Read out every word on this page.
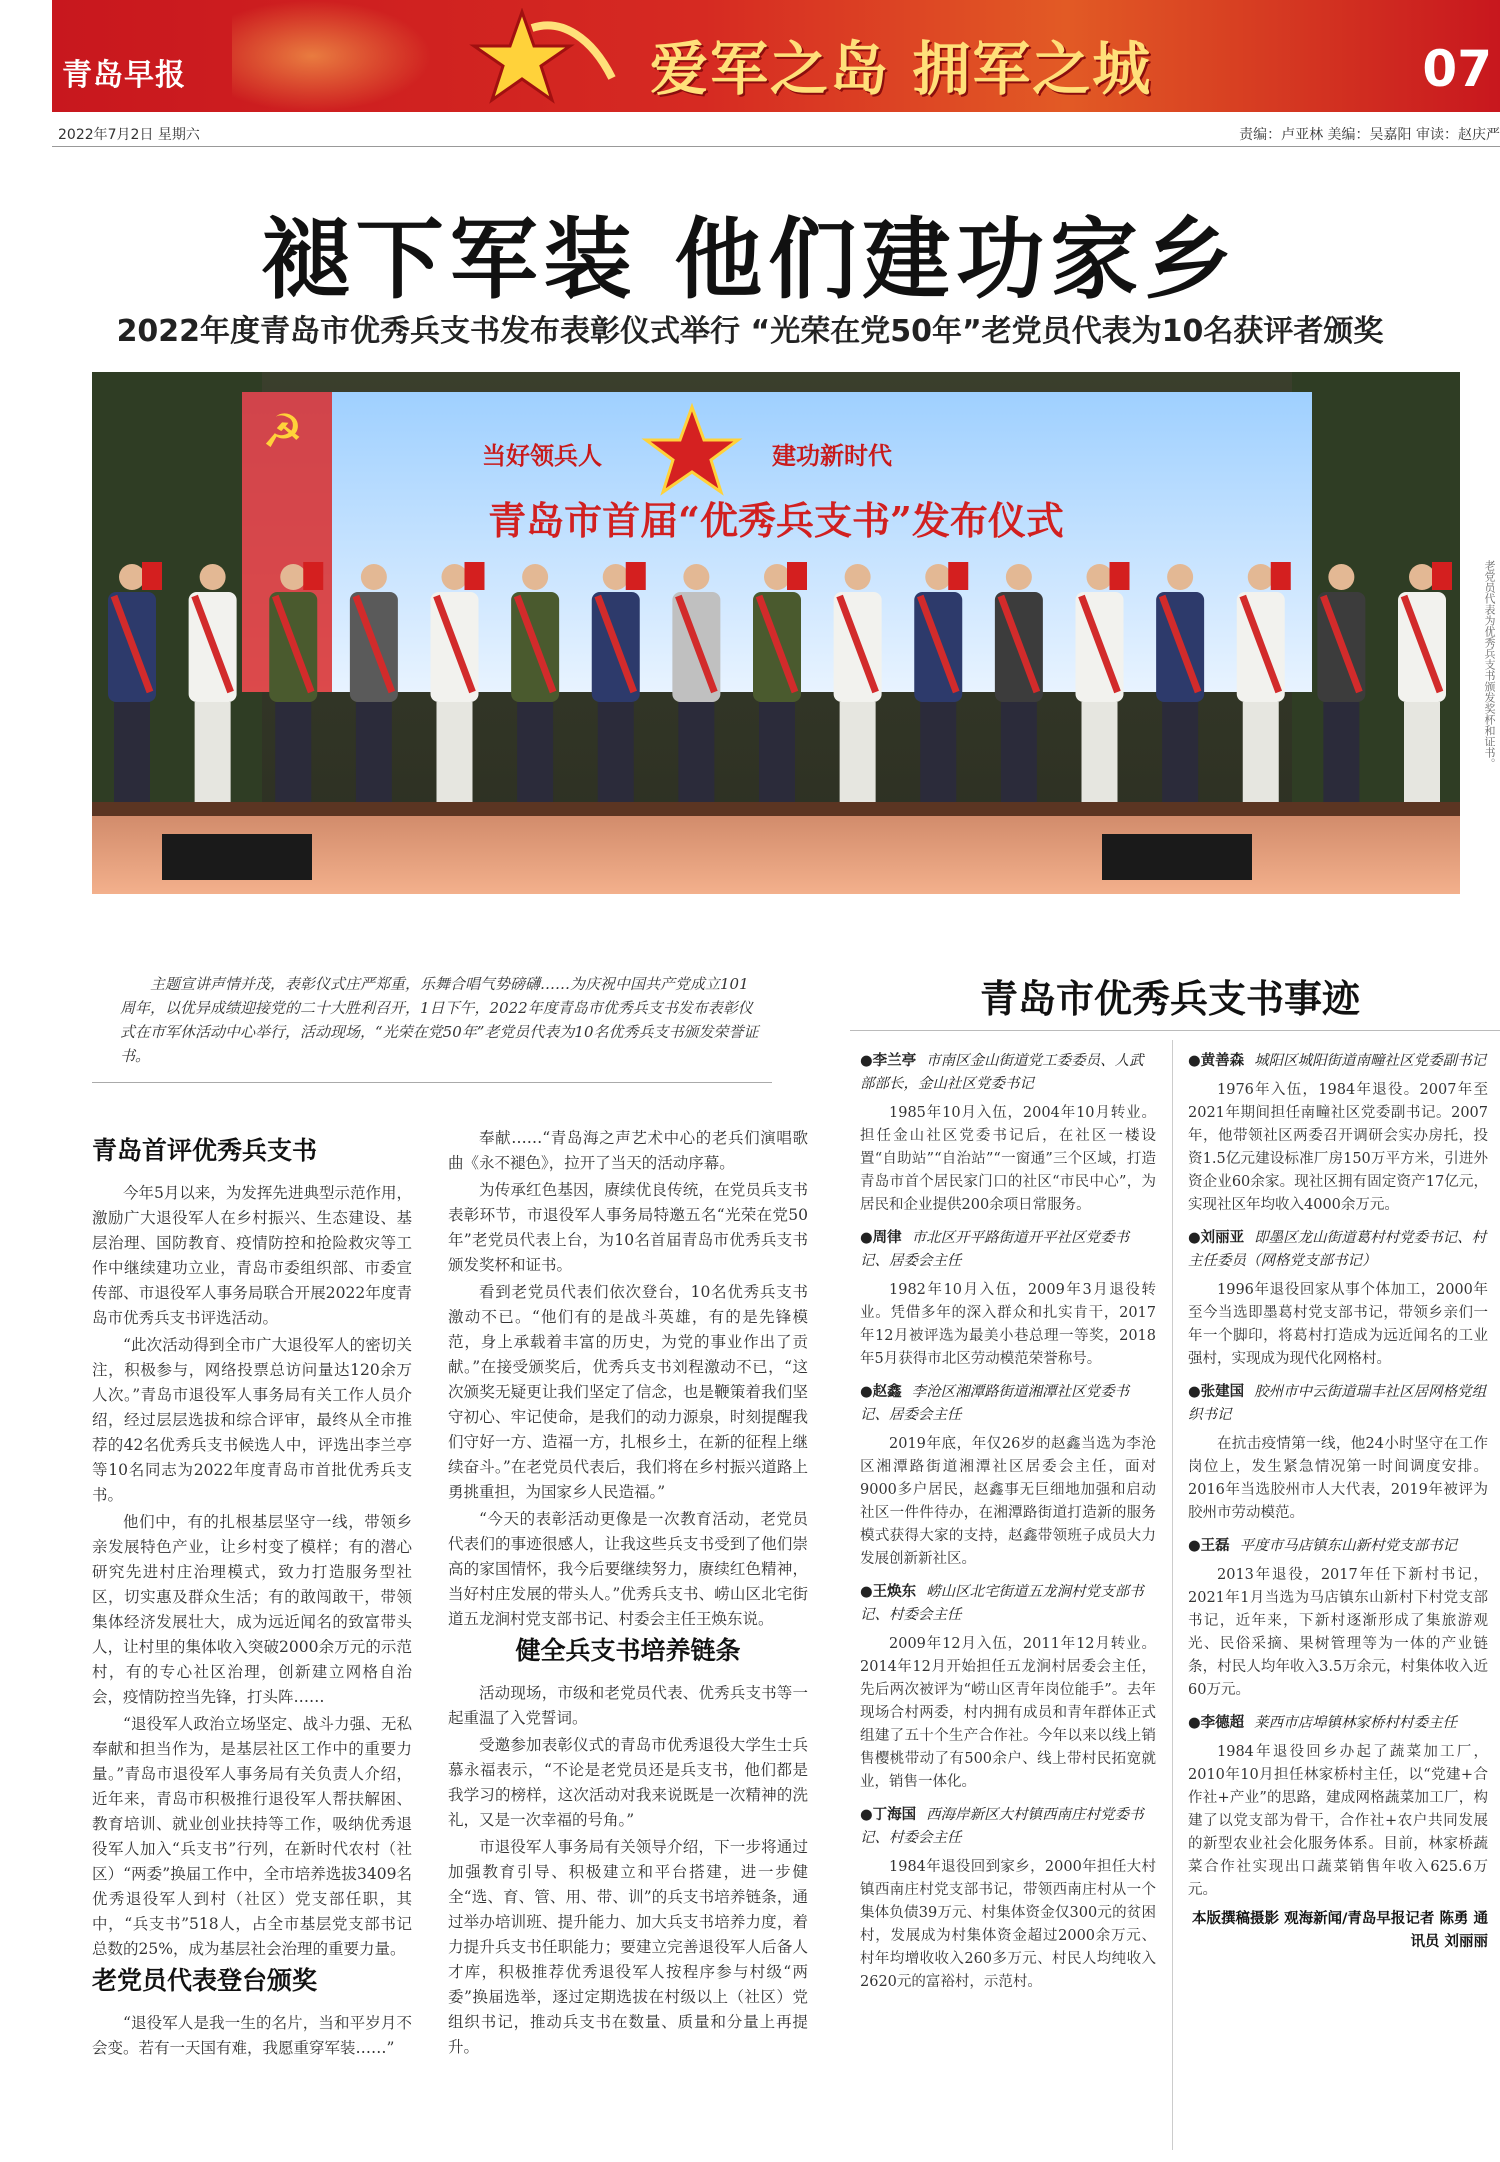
青岛早报	爱军之岛 拥军之城	07
2022年7月2日 星期六	责编：卢亚林 美编：吴嘉阳 审读：赵庆严
褪下军装 他们建功家乡
2022年度青岛市优秀兵支书发布表彰仪式举行 “光荣在党50年”老党员代表为10名获评者颁奖
☭	当好领兵人	建功新时代
青岛市首届“优秀兵支书”发布仪式
老党员代表为优秀兵支书颁发奖杯和证书。

主题宣讲声情并茂，表彰仪式庄严郑重，乐舞合唱气势磅礴……为庆祝中国共产党成立101周年，以优异成绩迎接党的二十大胜利召开，1日下午，2022年度青岛市优秀兵支书发布表彰仪式在市军休活动中心举行，活动现场，“光荣在党50年”老党员代表为10名优秀兵支书颁发荣誉证书。

青岛首评优秀兵支书

今年5月以来，为发挥先进典型示范作用，激励广大退役军人在乡村振兴、生态建设、基层治理、国防教育、疫情防控和抢险救灾等工作中继续建功立业，青岛市委组织部、市委宣传部、市退役军人事务局联合开展2022年度青岛市优秀兵支书评选活动。

“此次活动得到全市广大退役军人的密切关注，积极参与，网络投票总访问量达120余万人次。”青岛市退役军人事务局有关工作人员介绍，经过层层选拔和综合评审，最终从全市推荐的42名优秀兵支书候选人中，评选出李兰亭等10名同志为2022年度青岛市首批优秀兵支书。

他们中，有的扎根基层坚守一线，带领乡亲发展特色产业，让乡村变了模样；有的潜心研究先进村庄治理模式，致力打造服务型社区，切实惠及群众生活；有的敢闯敢干，带领集体经济发展壮大，成为远近闻名的致富带头人，让村里的集体收入突破2000余万元的示范村，有的专心社区治理，创新建立网格自治会，疫情防控当先锋，打头阵……

“退役军人政治立场坚定、战斗力强、无私奉献和担当作为，是基层社区工作中的重要力量。”青岛市退役军人事务局有关负责人介绍，近年来，青岛市积极推行退役军人帮扶解困、教育培训、就业创业扶持等工作，吸纳优秀退役军人加入“兵支书”行列，在新时代农村（社区）“两委”换届工作中，全市培养选拔3409名优秀退役军人到村（社区）党支部任职，其中，“兵支书”518人，占全市基层党支部书记总数的25%，成为基层社会治理的重要力量。

老党员代表登台颁奖

“退役军人是我一生的名片，当和平岁月不会变。若有一天国有难，我愿重穿军装……”

奉献……“青岛海之声艺术中心的老兵们演唱歌曲《永不褪色》，拉开了当天的活动序幕。

为传承红色基因，赓续优良传统，在党员兵支书表彰环节，市退役军人事务局特邀五名“光荣在党50年”老党员代表上台，为10名首届青岛市优秀兵支书颁发奖杯和证书。

看到老党员代表们依次登台，10名优秀兵支书激动不已。“他们有的是战斗英雄，有的是先锋模范，身上承载着丰富的历史，为党的事业作出了贡献。”在接受颁奖后，优秀兵支书刘程激动不已，“这次颁奖无疑更让我们坚定了信念，也是鞭策着我们坚守初心、牢记使命，是我们的动力源泉，时刻提醒我们守好一方、造福一方，扎根乡土，在新的征程上继续奋斗。”在老党员代表后，我们将在乡村振兴道路上勇挑重担，为国家乡人民造福。”

“今天的表彰活动更像是一次教育活动，老党员代表们的事迹很感人，让我这些兵支书受到了他们崇高的家国情怀，我今后要继续努力，赓续红色精神，当好村庄发展的带头人。”优秀兵支书、崂山区北宅街道五龙涧村党支部书记、村委会主任王焕东说。

健全兵支书培养链条

活动现场，市级和老党员代表、优秀兵支书等一起重温了入党誓词。

受邀参加表彰仪式的青岛市优秀退役大学生士兵慕永福表示，“不论是老党员还是兵支书，他们都是我学习的榜样，这次活动对我来说既是一次精神的洗礼，又是一次幸福的号角。”

市退役军人事务局有关领导介绍，下一步将通过加强教育引导、积极建立和平台搭建，进一步健全“选、育、管、用、带、训”的兵支书培养链条，通过举办培训班、提升能力、加大兵支书培养力度，着力提升兵支书任职能力；要建立完善退役军人后备人才库，积极推荐优秀退役军人按程序参与村级“两委”换届选举，逐过定期选拔在村级以上（社区）党组织书记，推动兵支书在数量、质量和分量上再提升。

青岛市优秀兵支书事迹
●李兰亭 市南区金山街道党工委委员、人武部部长，金山社区党委书记

1985年10月入伍，2004年10月转业。担任金山社区党委书记后，在社区一楼设置“自助站”“自治站”“一窗通”三个区域，打造青岛市首个居民家门口的社区“市民中心”，为居民和企业提供200余项日常服务。

●周律 市北区开平路街道开平社区党委书记、居委会主任

1982年10月入伍，2009年3月退役转业。凭借多年的深入群众和扎实肯干，2017年12月被评选为最美小巷总理一等奖，2018年5月获得市北区劳动模范荣誉称号。

●赵鑫 李沧区湘潭路街道湘潭社区党委书记、居委会主任

2019年底，年仅26岁的赵鑫当选为李沧区湘潭路街道湘潭社区居委会主任，面对9000多户居民，赵鑫事无巨细地加强和启动社区一件件待办，在湘潭路街道打造新的服务模式获得大家的支持，赵鑫带领班子成员大力发展创新新社区。

●王焕东 崂山区北宅街道五龙涧村党支部书记、村委会主任

2009年12月入伍，2011年12月转业。2014年12月开始担任五龙涧村居委会主任，先后两次被评为“崂山区青年岗位能手”。去年现场合村两委，村内拥有成员和青年群体正式组建了五十个生产合作社。今年以来以线上销售樱桃带动了有500余户、线上带村民拓宽就业，销售一体化。

●丁海国 西海岸新区大村镇西南庄村党委书记、村委会主任

1984年退役回到家乡，2000年担任大村镇西南庄村党支部书记，带领西南庄村从一个集体负债39万元、村集体资金仅300元的贫困村，发展成为村集体资金超过2000余万元、村年均增收收入260多万元、村民人均纯收入2620元的富裕村，示范村。

●黄善森 城阳区城阳街道南疃社区党委副书记

1976年入伍，1984年退役。2007年至2021年期间担任南疃社区党委副书记。2007年，他带领社区两委召开调研会实办房托，投资1.5亿元建设标准厂房150万平方米，引进外资企业60余家。现社区拥有固定资产17亿元，实现社区年均收入4000余万元。

●刘丽亚 即墨区龙山街道葛村村党委书记、村主任委员（网格党支部书记）

1996年退役回家从事个体加工，2000年至今当选即墨葛村党支部书记，带领乡亲们一年一个脚印，将葛村打造成为远近闻名的工业强村，实现成为现代化网格村。

●张建国 胶州市中云街道瑞丰社区居网格党组织书记

在抗击疫情第一线，他24小时坚守在工作岗位上，发生紧急情况第一时间调度安排。2016年当选胶州市人大代表，2019年被评为胶州市劳动模范。

●王磊 平度市马店镇东山新村党支部书记

2013年退役，2017年任下新村书记，2021年1月当选为马店镇东山新村下村党支部书记，近年来，下新村逐渐形成了集旅游观光、民俗采摘、果树管理等为一体的产业链条，村民人均年收入3.5万余元，村集体收入近60万元。

●李德超 莱西市店埠镇林家桥村村委主任

1984年退役回乡办起了蔬菜加工厂，2010年10月担任林家桥村主任，以“党建+合作社+产业”的思路，建成网格蔬菜加工厂，构建了以党支部为骨干，合作社+农户共同发展的新型农业社会化服务体系。目前，林家桥蔬菜合作社实现出口蔬菜销售年收入625.6万元。

本版撰稿摄影 观海新闻/青岛早报记者 陈勇 通讯员 刘丽丽
